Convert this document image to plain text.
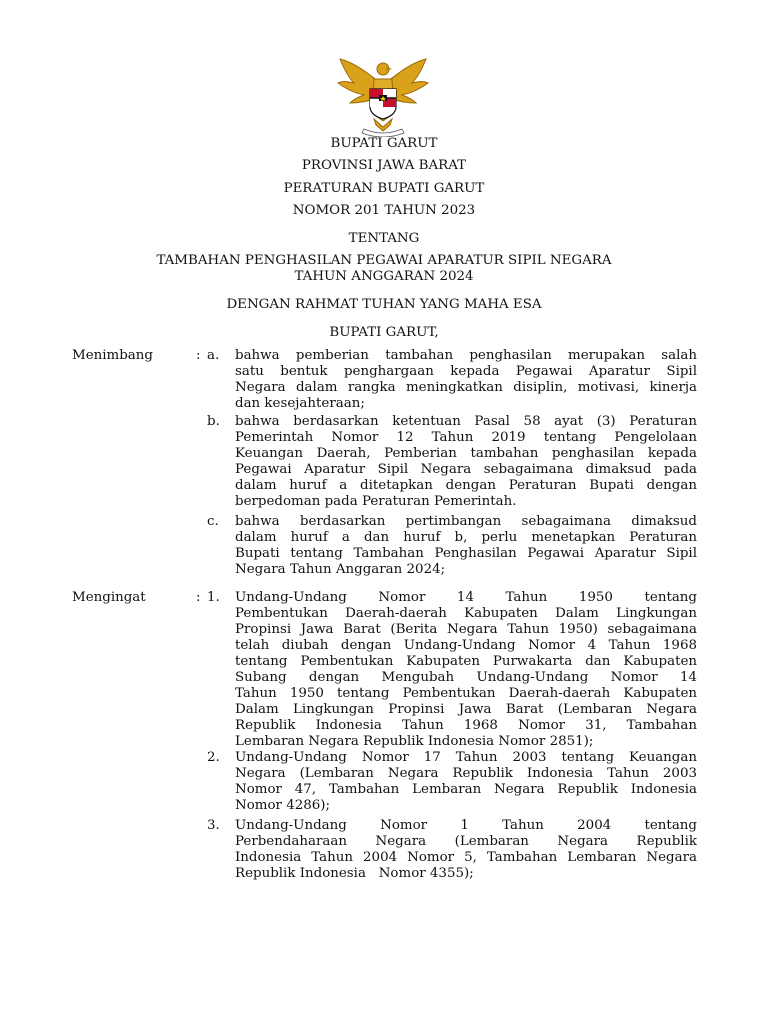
BUPATI GARUT
PROVINSI JAWA BARAT
PERATURAN BUPATI GARUT
NOMOR 201 TAHUN 2023
TENTANG
TAMBAHAN PENGHASILAN PEGAWAI APARATUR SIPIL NEGARA
TAHUN ANGGARAN 2024
DENGAN RAHMAT TUHAN YANG MAHA ESA
BUPATI GARUT,
Menimbang	: a. bahwa pemberian tambahan penghasilan merupakan salah
satu bentuk penghargaan kepada Pegawai Aparatur Sipil
Negara dalam rangka meningkatkan disiplin, motivasi, kinerja
dan kesejahteraan;
b. bahwa berdasarkan ketentuan Pasal 58 ayat (3) Peraturan
Pemerintah Nomor 12 Tahun 2019 tentang Pengelolaan
Keuangan Daerah, Pemberian tambahan penghasilan kepada
Pegawai Aparatur Sipil Negara sebagaimana dimaksud pada
dalam huruf a ditetapkan dengan Peraturan Bupati dengan
berpedoman pada Peraturan Pemerintah.
c. bahwa berdasarkan pertimbangan sebagaimana dimaksud
dalam huruf a dan huruf b, perlu menetapkan Peraturan
Bupati tentang Tambahan Penghasilan Pegawai Aparatur Sipil
Negara Tahun Anggaran 2024;
Mengingat	: 1. Undang-Undang Nomor 14 Tahun 1950 tentang
Pembentukan Daerah-daerah Kabupaten Dalam Lingkungan
Propinsi Jawa Barat (Berita Negara Tahun 1950) sebagaimana
telah diubah dengan Undang-Undang Nomor 4 Tahun 1968
tentang Pembentukan Kabupaten Purwakarta dan Kabupaten
Subang dengan Mengubah Undang-Undang Nomor 14
Tahun 1950 tentang Pembentukan Daerah-daerah Kabupaten
Dalam Lingkungan Propinsi Jawa Barat (Lembaran Negara
Republik Indonesia Tahun 1968 Nomor 31, Tambahan
Lembaran Negara Republik Indonesia Nomor 2851);
2. Undang-Undang Nomor 17 Tahun 2003 tentang Keuangan
Negara (Lembaran Negara Republik Indonesia Tahun 2003
Nomor 47, Tambahan Lembaran Negara Republik Indonesia
Nomor 4286);
3. Undang-Undang Nomor 1 Tahun 2004 tentang
Perbendaharaan Negara (Lembaran Negara Republik
Indonesia Tahun 2004 Nomor 5, Tambahan Lembaran Negara
Republik Indonesia   Nomor 4355);
